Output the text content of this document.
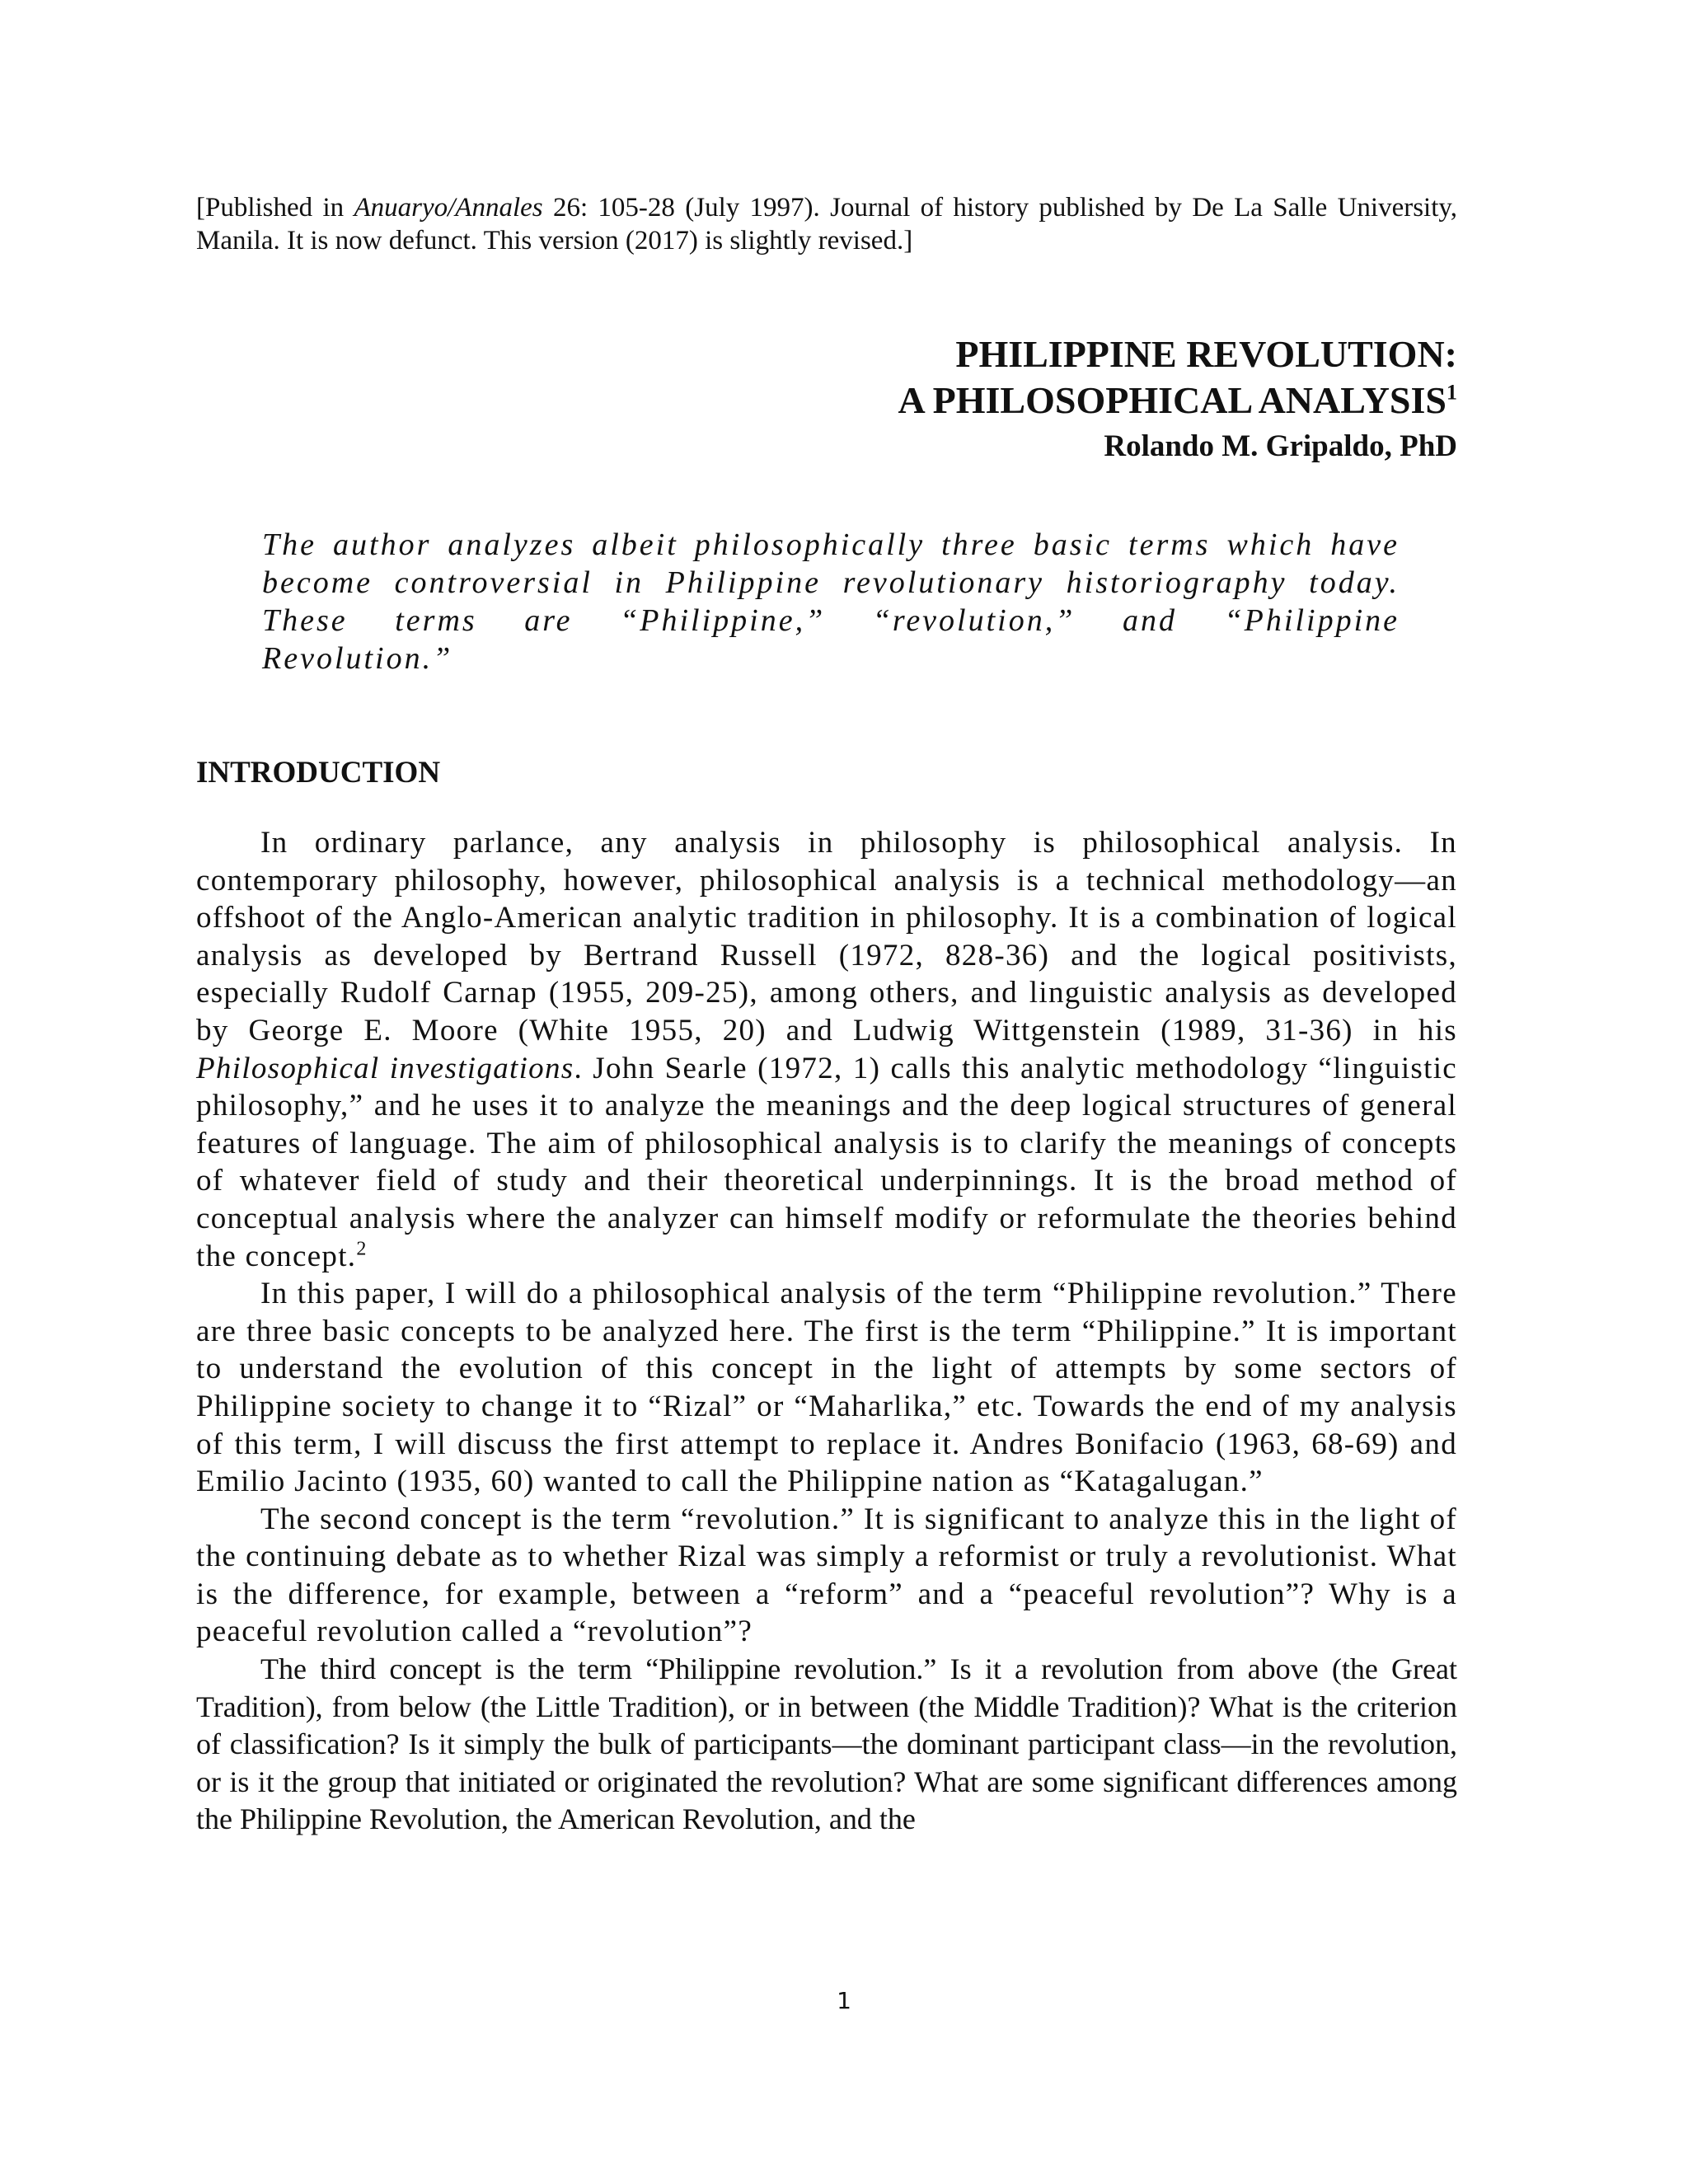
[Published in Anuaryo/Annales 26: 105-28 (July 1997). Journal of history published by De La Salle University, Manila. It is now defunct. This version (2017) is slightly revised.]
PHILIPPINE REVOLUTION:
A PHILOSOPHICAL ANALYSIS$^1$
Rolando M. Gripaldo, PhD
The author analyzes albeit philosophically three basic terms which have become controversial in Philippine revolutionary historiography today. These terms are “Philippine,” “revolution,” and “Philippine Revolution.”
INTRODUCTION

In ordinary parlance, any analysis in philosophy is philosophical analysis. In contemporary philosophy, however, philosophical analysis is a technical methodology—an offshoot of the Anglo-American analytic tradition in philosophy. It is a combination of logical analysis as developed by Bertrand Russell (1972, 828-36) and the logical positivists, especially Rudolf Carnap (1955, 209-25), among others, and linguistic analysis as developed by George E. Moore (White 1955, 20) and Ludwig Wittgenstein (1989, 31-36) in his Philosophical investigations. John Searle (1972, 1) calls this analytic methodology “linguistic philosophy,” and he uses it to analyze the meanings and the deep logical structures of general features of language. The aim of philosophical analysis is to clarify the meanings of concepts of whatever field of study and their theoretical underpinnings. It is the broad method of conceptual analysis where the analyzer can himself modify or reformulate the theories behind the concept.$^2$

In this paper, I will do a philosophical analysis of the term “Philippine revolution.” There are three basic concepts to be analyzed here. The first is the term “Philippine.” It is important to understand the evolution of this concept in the light of attempts by some sectors of Philippine society to change it to “Rizal” or “Maharlika,” etc. Towards the end of my analysis of this term, I will discuss the first attempt to replace it. Andres Bonifacio (1963, 68-69) and Emilio Jacinto (1935, 60) wanted to call the Philippine nation as “Katagalugan.”

The second concept is the term “revolution.” It is significant to analyze this in the light of the continuing debate as to whether Rizal was simply a reformist or truly a revolutionist. What is the difference, for example, between a “reform” and a “peaceful revolution”? Why is a peaceful revolution called a “revolution”?

The third concept is the term “Philippine revolution.” Is it a revolution from above (the Great Tradition), from below (the Little Tradition), or in between (the Middle Tradition)? What is the criterion of classification? Is it simply the bulk of participants—the dominant participant class—in the revolution, or is it the group that initiated or originated the revolution? What are some significant differences among the Philippine Revolution, the American Revolution, and the

1
